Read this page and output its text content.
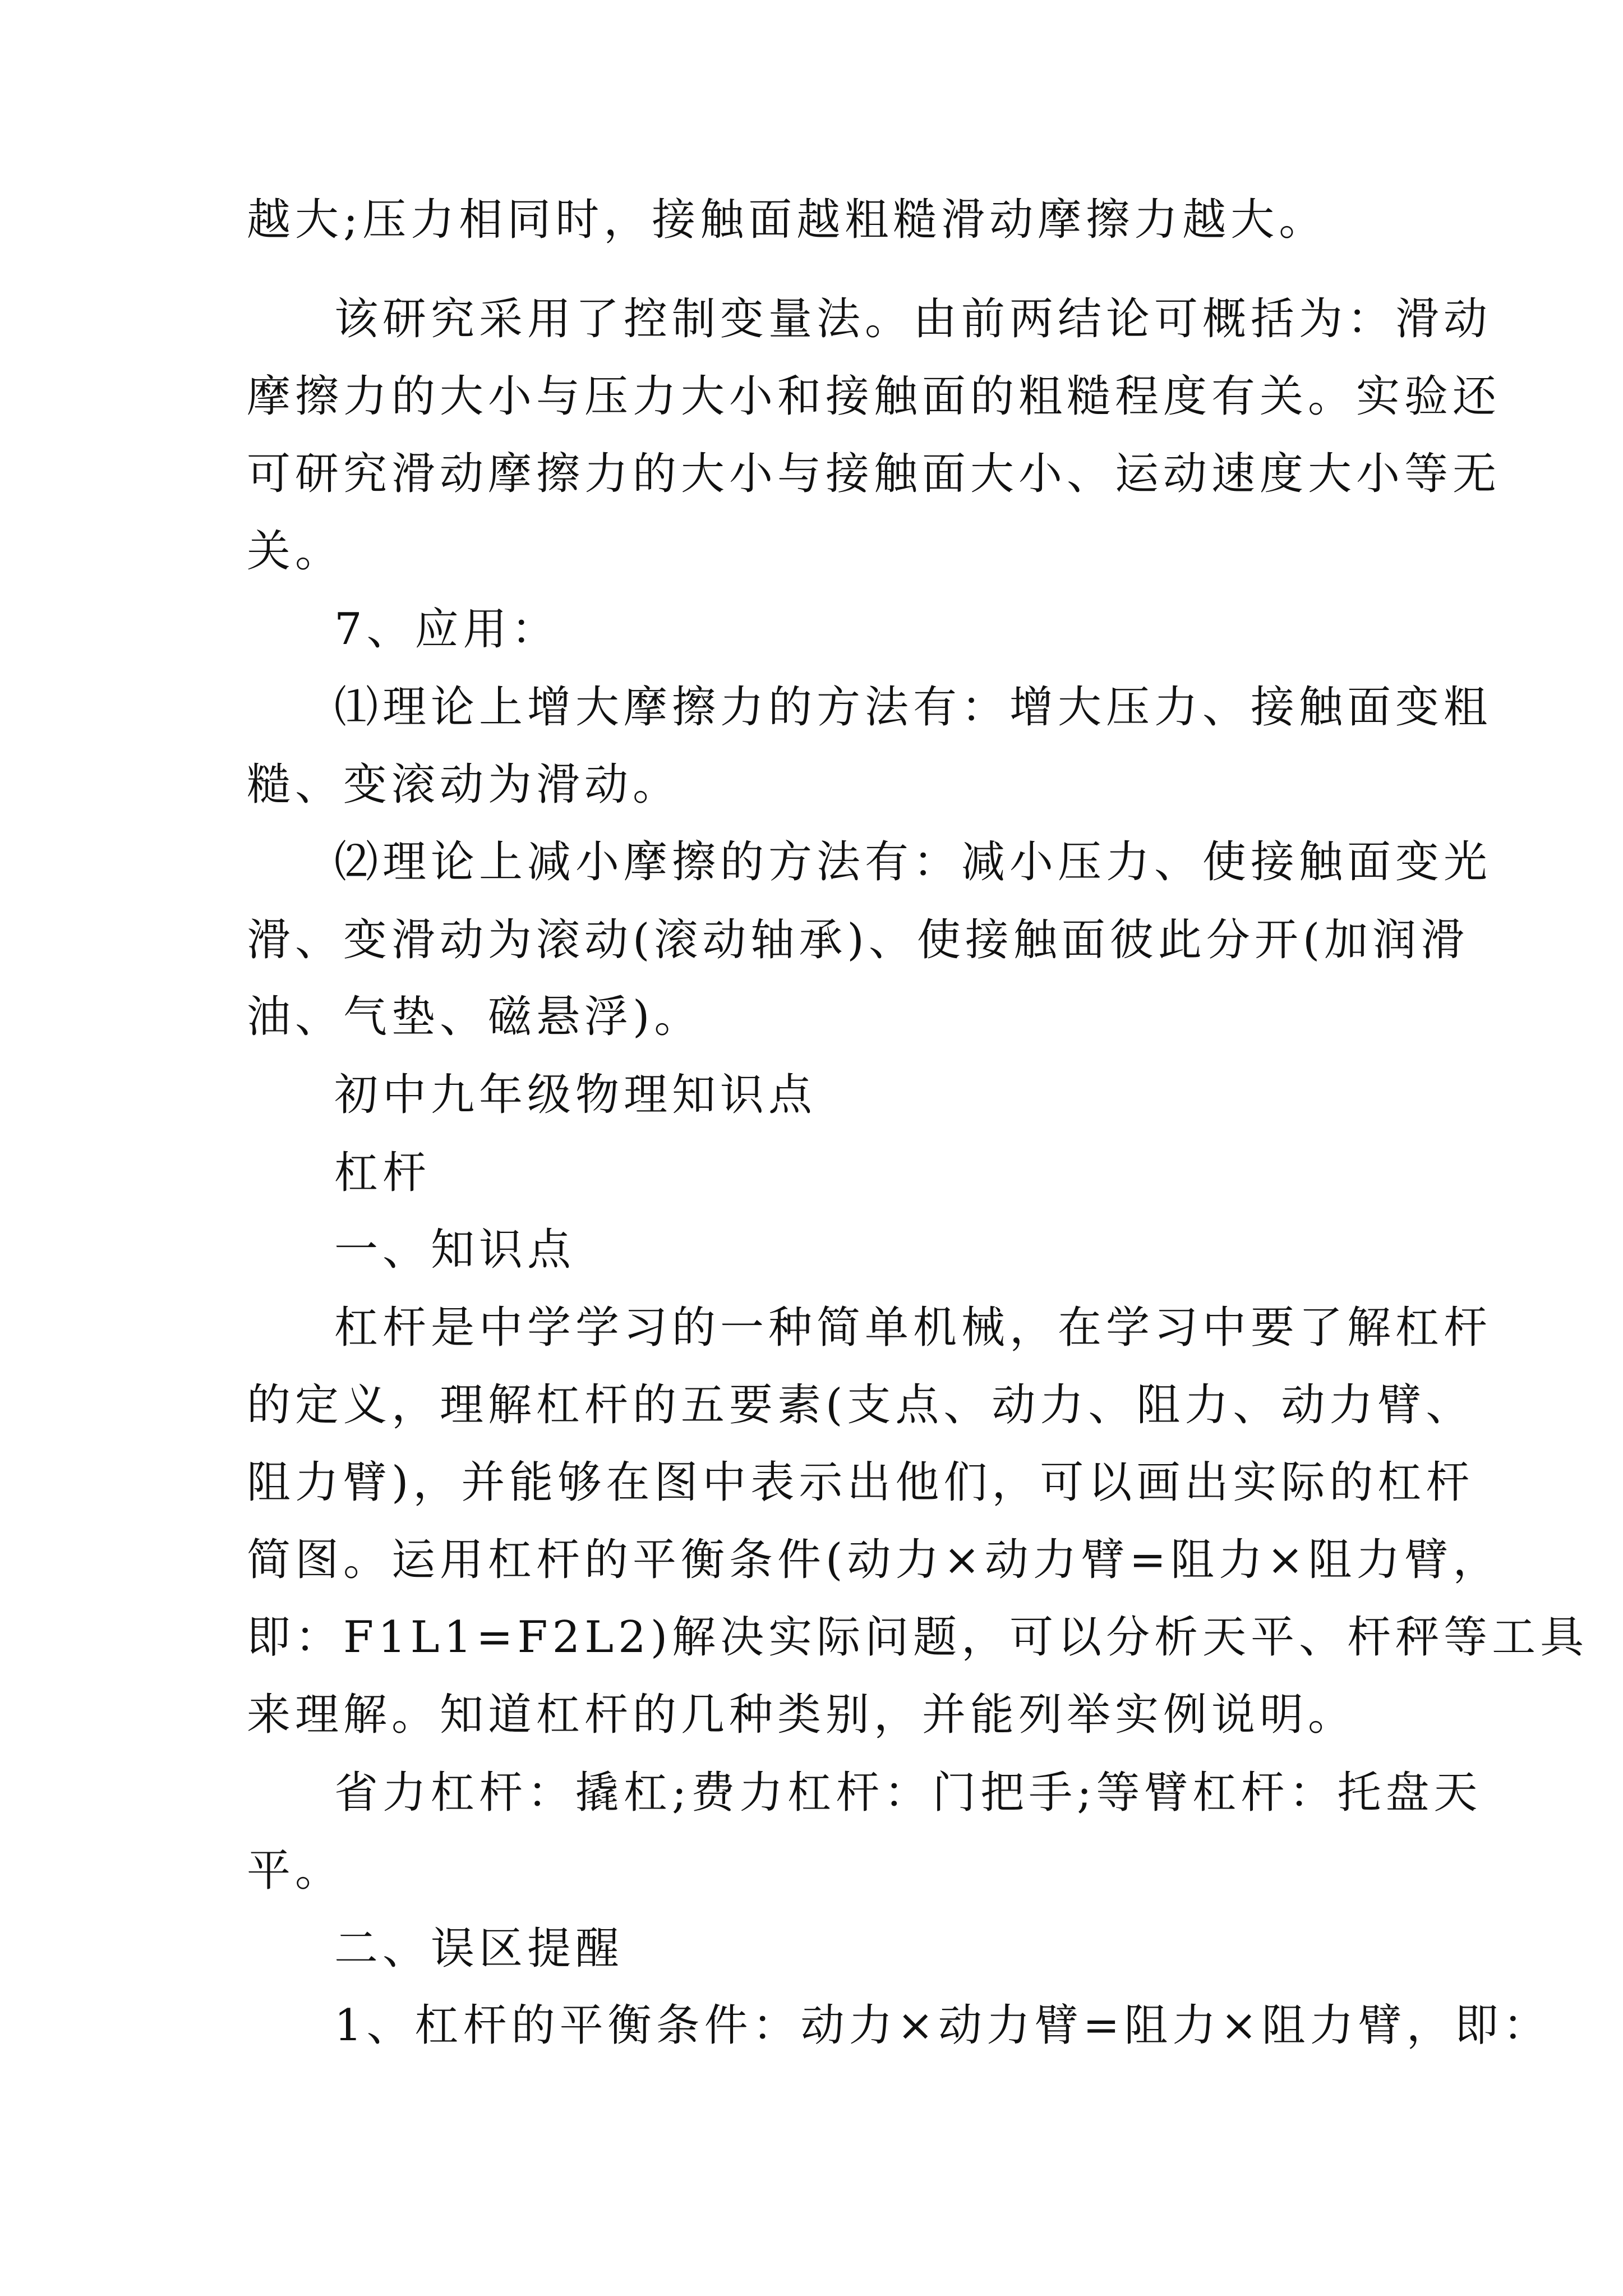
越大;压力相同时，接触面越粗糙滑动摩擦力越大。

该研究采用了控制变量法。由前两结论可概括为：滑动

摩擦力的大小与压力大小和接触面的粗糙程度有关。实验还

可研究滑动摩擦力的大小与接触面大小、运动速度大小等无

关。

7、应用：

⑴理论上增大摩擦力的方法有：增大压力、接触面变粗

糙、变滚动为滑动。

⑵理论上减小摩擦的方法有：减小压力、使接触面变光

滑、变滑动为滚动(滚动轴承)、使接触面彼此分开(加润滑

油、气垫、磁悬浮)。

初中九年级物理知识点

杠杆

一、知识点

杠杆是中学学习的一种简单机械，在学习中要了解杠杆

的定义，理解杠杆的五要素(支点、动力、阻力、动力臂、

阻力臂)，并能够在图中表示出他们，可以画出实际的杠杆

简图。运用杠杆的平衡条件(动力×动力臂=阻力×阻力臂，

即：F1L1=F2L2)解决实际问题，可以分析天平、杆秤等工具

来理解。知道杠杆的几种类别，并能列举实例说明。

省力杠杆：撬杠;费力杠杆：门把手;等臂杠杆：托盘天

平。

二、误区提醒

1、杠杆的平衡条件：动力×动力臂=阻力×阻力臂，即：
